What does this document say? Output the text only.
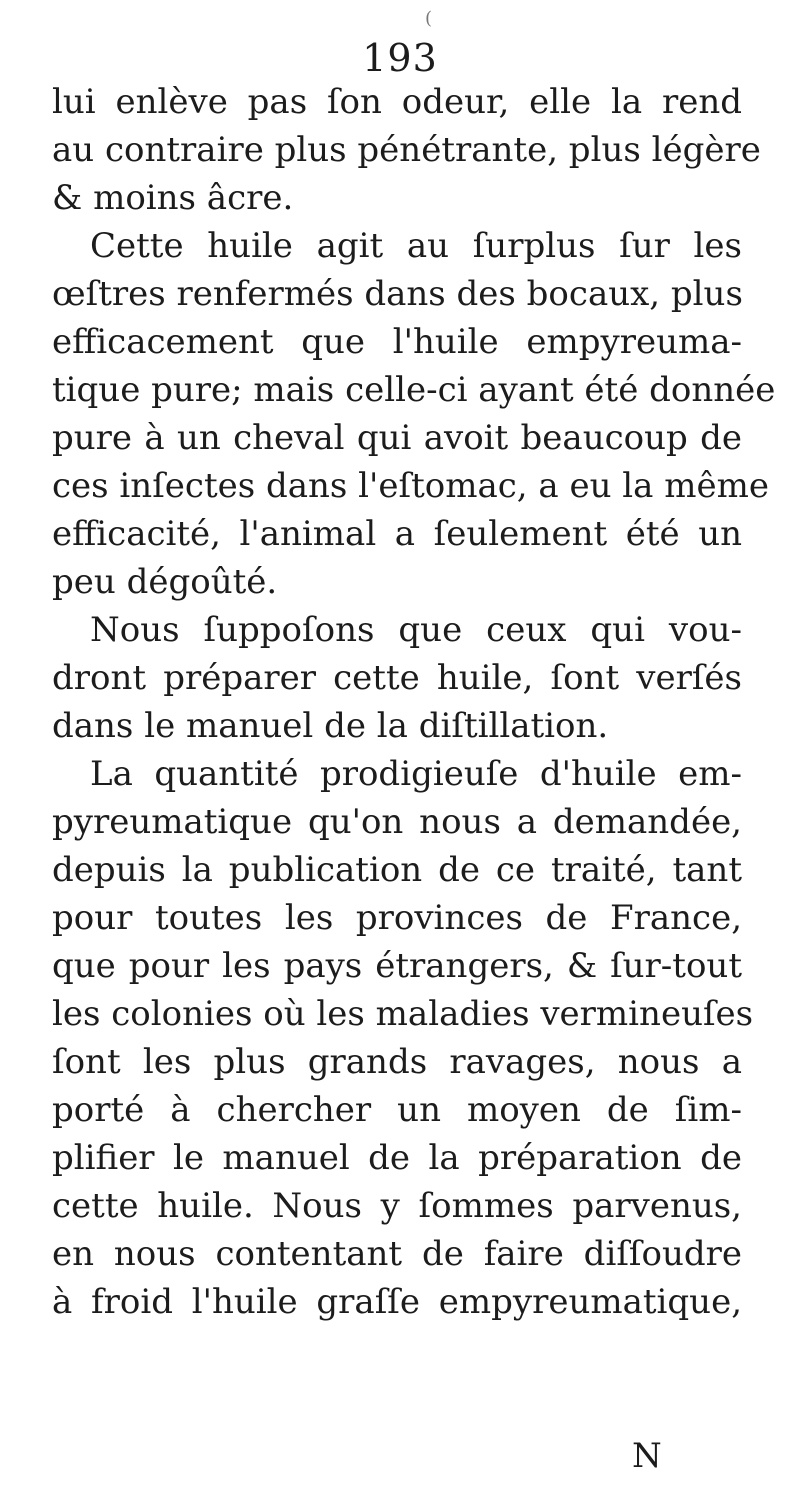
(
193
lui enlève pas ſon odeur, elle la rend
au contraire plus pénétrante, plus légère
& moins âcre.
Cette huile agit au ſurplus ſur les
œſtres renfermés dans des bocaux, plus
efficacement que l'huile empyreuma-
tique pure; mais celle-ci ayant été donnée
pure à un cheval qui avoit beaucoup de
ces inſectes dans l'eſtomac, a eu la même
efficacité, l'animal a ſeulement été un
peu dégoûté.
Nous ſuppoſons que ceux qui vou-
dront préparer cette huile, ſont verſés
dans le manuel de la diſtillation.
La quantité prodigieuſe d'huile em-
pyreumatique qu'on nous a demandée,
depuis la publication de ce traité, tant
pour toutes les provinces de France,
que pour les pays étrangers, & ſur-tout
les colonies où les maladies vermineuſes
ſont les plus grands ravages, nous a
porté à chercher un moyen de ſim-
plifier le manuel de la préparation de
cette huile. Nous y ſommes parvenus,
en nous contentant de faire diſſoudre
à froid l'huile graſſe empyreumatique,
N
